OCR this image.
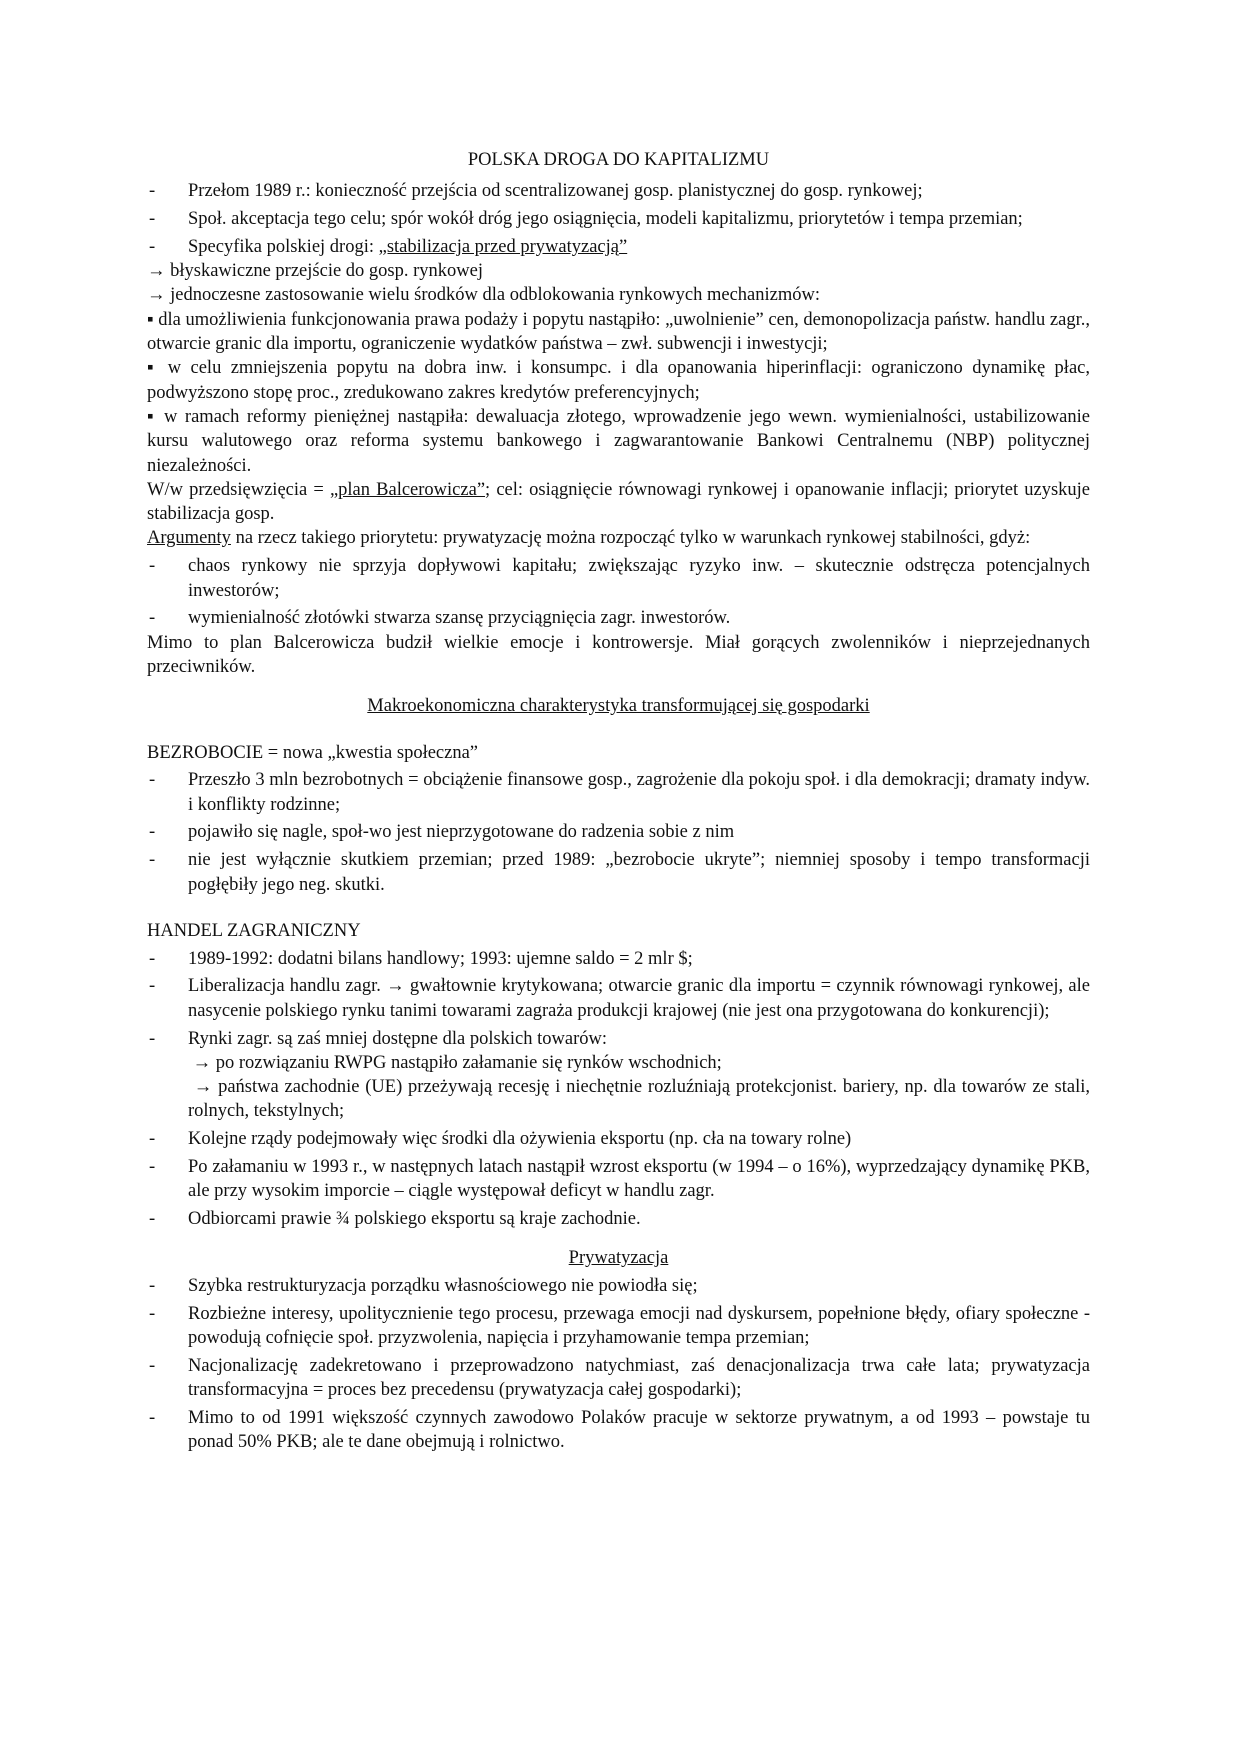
POLSKA DROGA DO KAPITALIZMU

- Przełom 1989 r.: konieczność przejścia od scentralizowanej gosp. planistycznej do gosp. rynkowej;
- Społ. akceptacja tego celu; spór wokół dróg jego osiągnięcia, modeli kapitalizmu, priorytetów i tempa przemian;
- Specyfika polskiej drogi: „stabilizacja przed prywatyzacją”

→ błyskawiczne przejście do gosp. rynkowej

→ jednoczesne zastosowanie wielu środków dla odblokowania rynkowych mechanizmów:

▪ dla umożliwienia funkcjonowania prawa podaży i popytu nastąpiło: „uwolnienie” cen, demonopolizacja państw. handlu zagr., otwarcie granic dla importu, ograniczenie wydatków państwa – zwł. subwencji i inwestycji;

▪ w celu zmniejszenia popytu na dobra inw. i konsumpc. i dla opanowania hiperinflacji: ograniczono dynamikę płac, podwyższono stopę proc., zredukowano zakres kredytów preferencyjnych;

▪ w ramach reformy pieniężnej nastąpiła: dewaluacja złotego, wprowadzenie jego wewn. wymienialności, ustabilizowanie kursu walutowego oraz reforma systemu bankowego i zagwarantowanie Bankowi Centralnemu (NBP) politycznej niezależności.

W/w przedsięwzięcia = „plan Balcerowicza”; cel: osiągnięcie równowagi rynkowej i opanowanie inflacji; priorytet uzyskuje stabilizacja gosp.

Argumenty na rzecz takiego priorytetu: prywatyzację można rozpocząć tylko w warunkach rynkowej stabilności, gdyż:

- chaos rynkowy nie sprzyja dopływowi kapitału; zwiększając ryzyko inw. – skutecznie odstręcza potencjalnych inwestorów;
- wymienialność złotówki stwarza szansę przyciągnięcia zagr. inwestorów.

Mimo to plan Balcerowicza budził wielkie emocje i kontrowersje. Miał gorących zwolenników i nieprzejednanych przeciwników.

Makroekonomiczna charakterystyka transformującej się gospodarki

BEZROBOCIE = nowa „kwestia społeczna”

- Przeszło 3 mln bezrobotnych = obciążenie finansowe gosp., zagrożenie dla pokoju społ. i dla demokracji; dramaty indyw. i konflikty rodzinne;
- pojawiło się nagle, społ-wo jest nieprzygotowane do radzenia sobie z nim
- nie jest wyłącznie skutkiem przemian; przed 1989: „bezrobocie ukryte”; niemniej sposoby i tempo transformacji pogłębiły jego neg. skutki.

HANDEL ZAGRANICZNY

- 1989-1992: dodatni bilans handlowy; 1993: ujemne saldo = 2 mlr $;
- Liberalizacja handlu zagr. → gwałtownie krytykowana; otwarcie granic dla importu = czynnik równowagi rynkowej, ale nasycenie polskiego rynku tanimi towarami zagraża produkcji krajowej (nie jest ona przygotowana do konkurencji);
- Rynki zagr. są zaś mniej dostępne dla polskich towarów:
→ po rozwiązaniu RWPG nastąpiło załamanie się rynków wschodnich;
→ państwa zachodnie (UE) przeżywają recesję i niechętnie rozluźniają protekcjonist. bariery, np. dla towarów ze stali, rolnych, tekstylnych;
- Kolejne rządy podejmowały więc środki dla ożywienia eksportu (np. cła na towary rolne)
- Po załamaniu w 1993 r., w następnych latach nastąpił wzrost eksportu (w 1994 – o 16%), wyprzedzający dynamikę PKB, ale przy wysokim imporcie – ciągle występował deficyt w handlu zagr.
- Odbiorcami prawie ¾ polskiego eksportu są kraje zachodnie.

Prywatyzacja

- Szybka restrukturyzacja porządku własnościowego nie powiodła się;
- Rozbieżne interesy, upolitycznienie tego procesu, przewaga emocji nad dyskursem, popełnione błędy, ofiary społeczne - powodują cofnięcie społ. przyzwolenia, napięcia i przyhamowanie tempa przemian;
- Nacjonalizację zadekretowano i przeprowadzono natychmiast, zaś denacjonalizacja trwa całe lata; prywatyzacja transformacyjna = proces bez precedensu (prywatyzacja całej gospodarki);
- Mimo to od 1991 większość czynnych zawodowo Polaków pracuje w sektorze prywatnym, a od 1993 – powstaje tu ponad 50% PKB; ale te dane obejmują i rolnictwo.
